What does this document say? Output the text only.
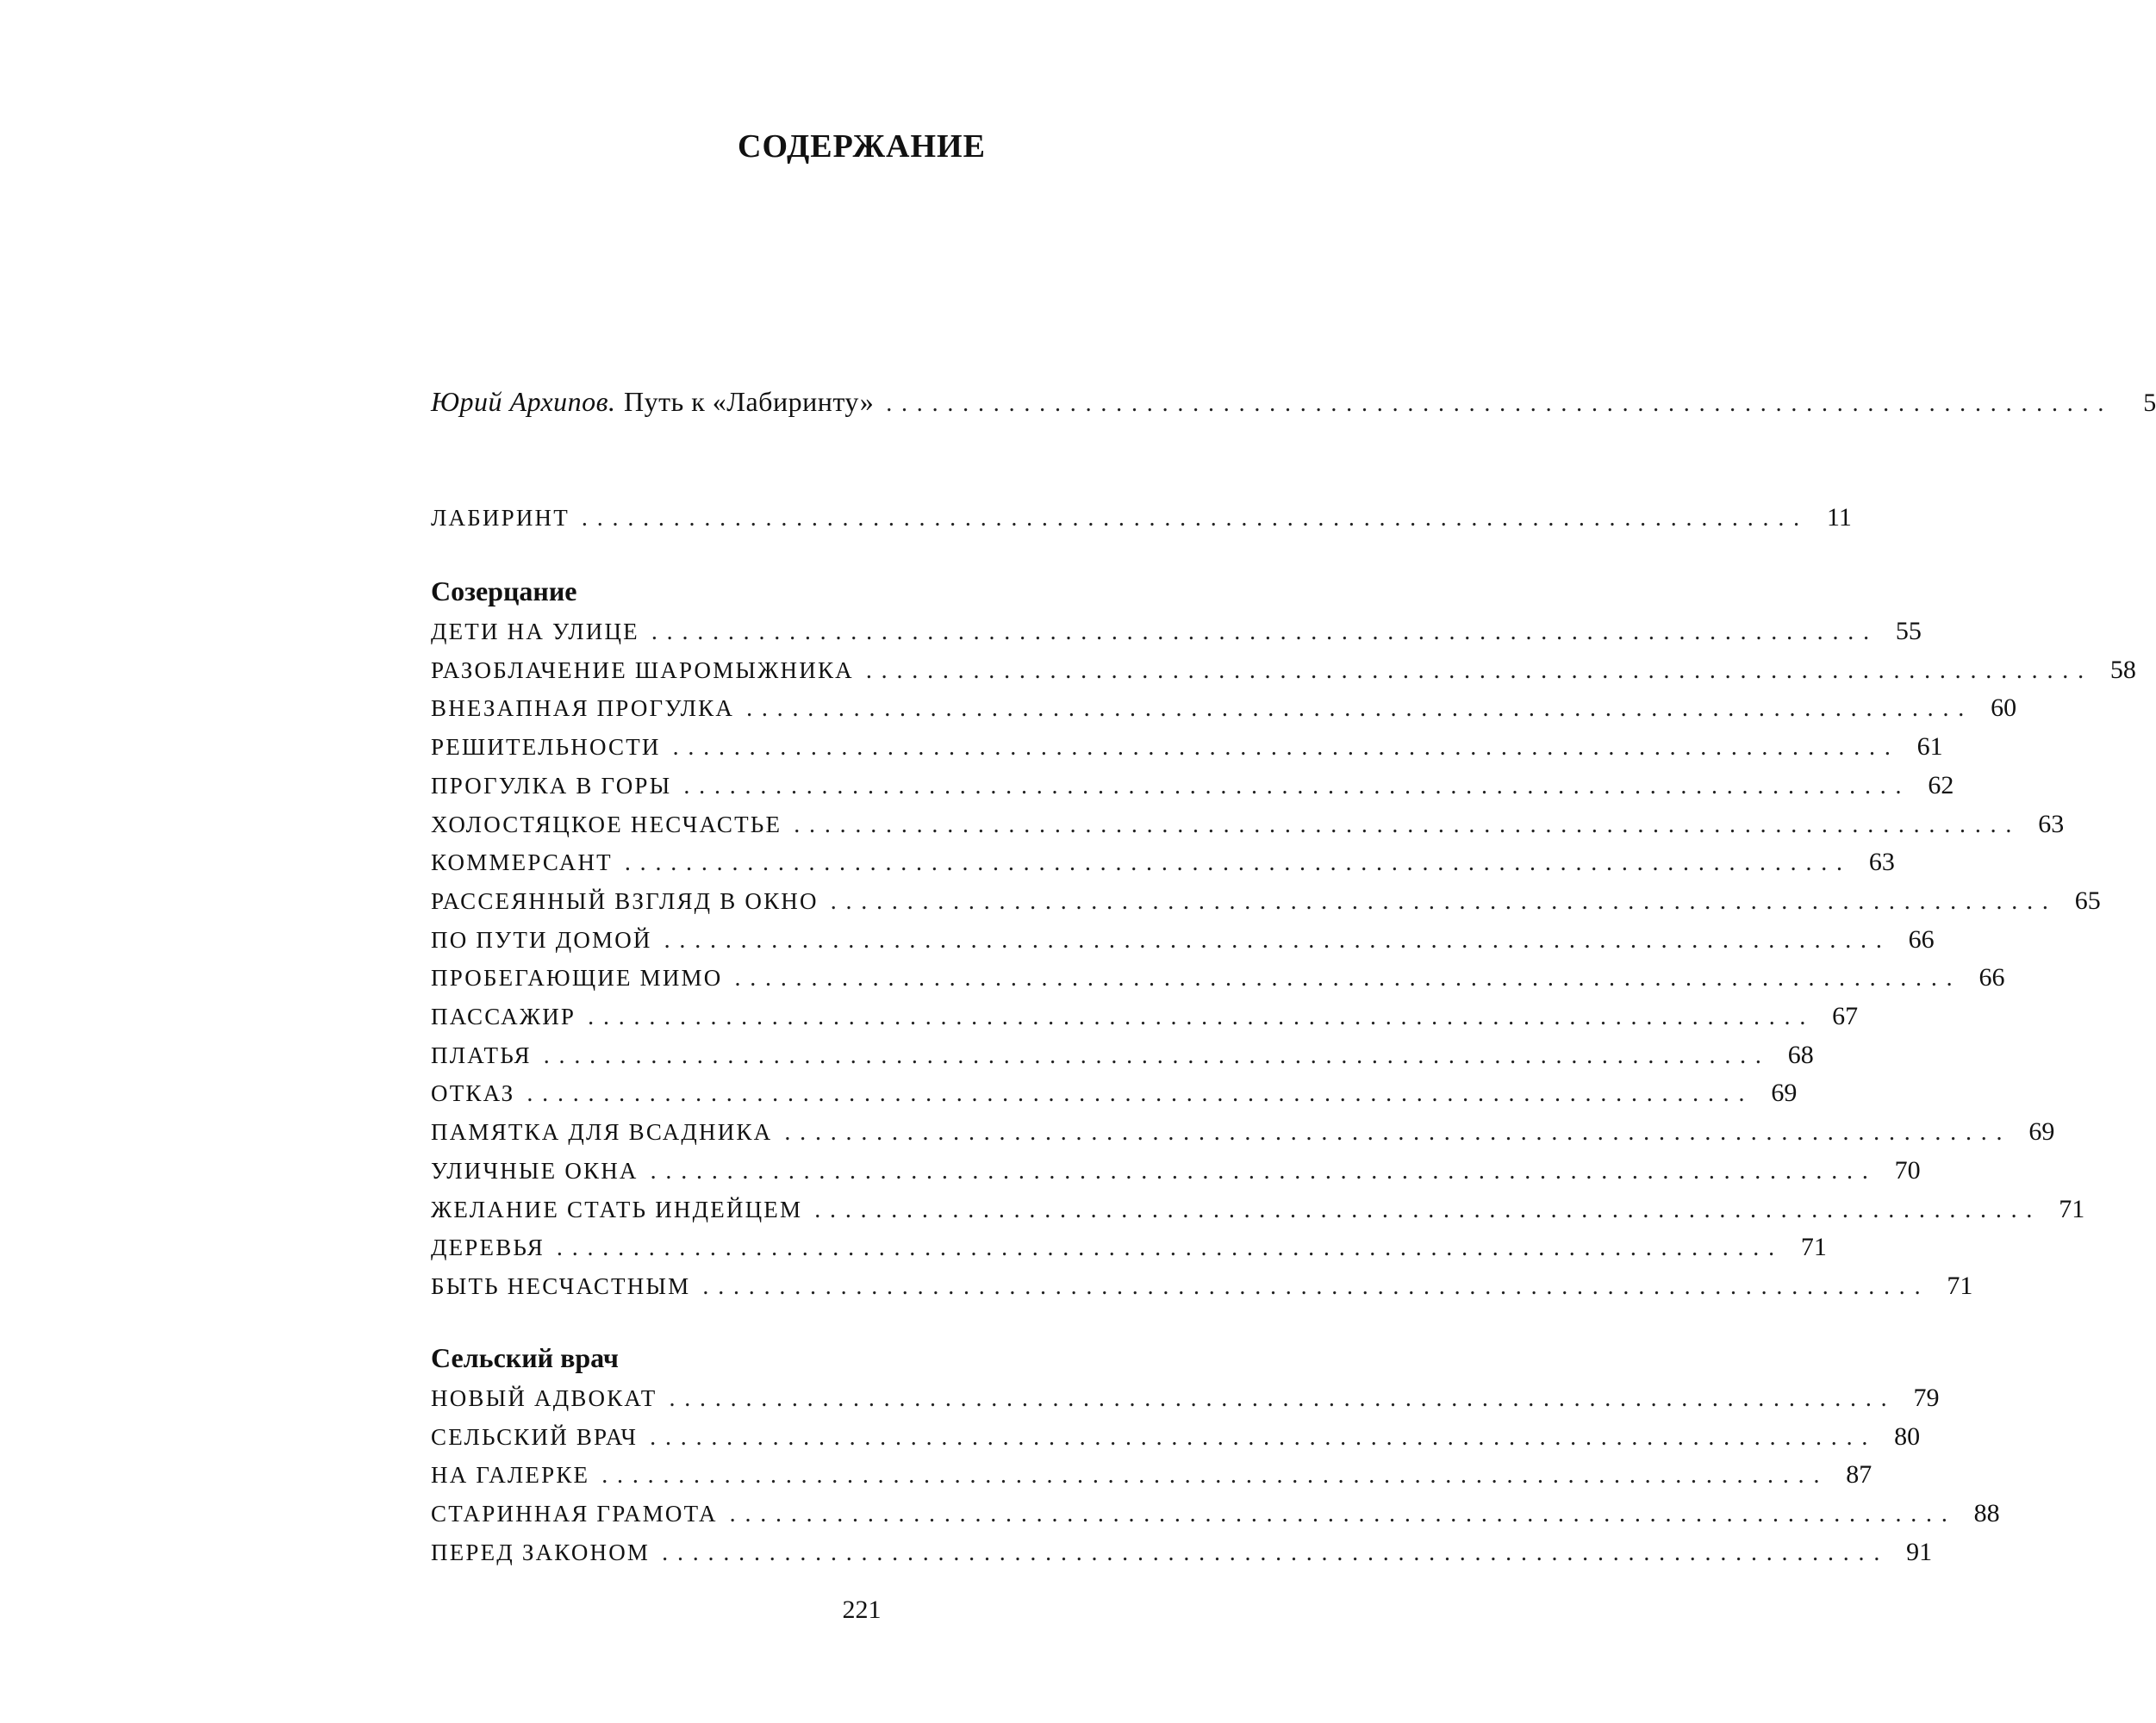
СОДЕРЖАНИЕ
Юрий Архипов. Путь к «Лабиринту» ................................................................................	5
ЛАБИРИНТ ................................................................................ 11
Созерцание
ДЕТИ НА УЛИЦЕ ................................................................................ 55
РАЗОБЛАЧЕНИЕ ШАРОМЫЖНИКА ................................................................................ 58
ВНЕЗАПНАЯ ПРОГУЛКА ................................................................................ 60
РЕШИТЕЛЬНОСТИ ................................................................................ 61
ПРОГУЛКА В ГОРЫ ................................................................................ 62
ХОЛОСТЯЦКОЕ НЕСЧАСТЬЕ ................................................................................ 63
КОММЕРСАНТ ................................................................................ 63
РАССЕЯННЫЙ ВЗГЛЯД В ОКНО ................................................................................ 65
ПО ПУТИ ДОМОЙ ................................................................................ 66
ПРОБЕГАЮЩИЕ МИМО ................................................................................ 66
ПАССАЖИР ................................................................................ 67
ПЛАТЬЯ ................................................................................ 68
ОТКАЗ ................................................................................ 69
ПАМЯТКА ДЛЯ ВСАДНИКА ................................................................................ 69
УЛИЧНЫЕ ОКНА ................................................................................ 70
ЖЕЛАНИЕ СТАТЬ ИНДЕЙЦЕМ ................................................................................ 71
ДЕРЕВЬЯ ................................................................................ 71
БЫТЬ НЕСЧАСТНЫМ ................................................................................ 71
Сельский врач
НОВЫЙ АДВОКАТ ................................................................................ 79
СЕЛЬСКИЙ ВРАЧ ................................................................................ 80
НА ГАЛЕРКЕ ................................................................................ 87
СТАРИННАЯ ГРАМОТА ................................................................................ 88
ПЕРЕД ЗАКОНОМ ................................................................................ 91
221
